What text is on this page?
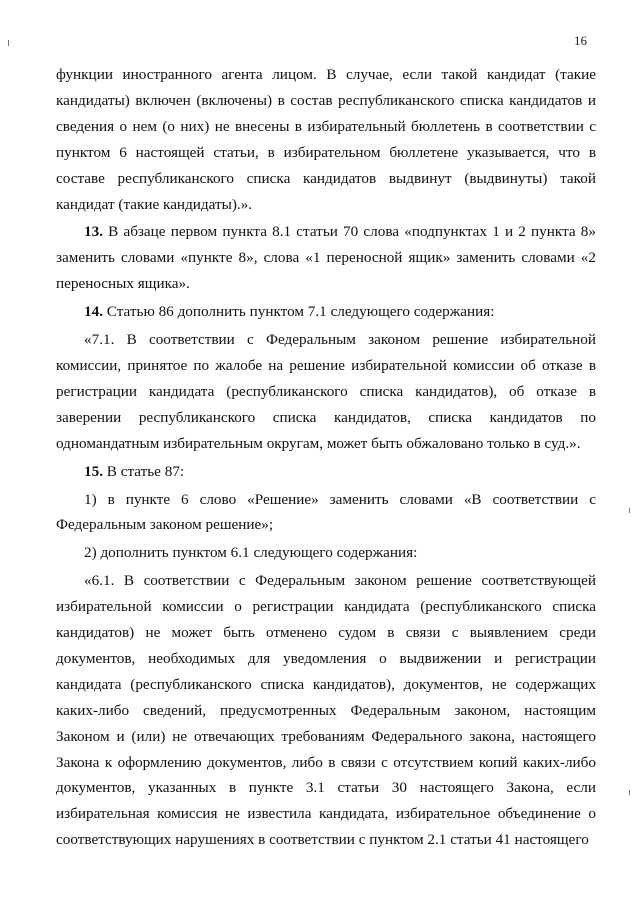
16

функции иностранного агента лицом. В случае, если такой кандидат (такие кандидаты) включен (включены) в состав республиканского списка кандидатов и сведения о нем (о них) не внесены в избирательный бюллетень в соответствии с пунктом 6 настоящей статьи, в избирательном бюллетене указывается, что в составе республиканского списка кандидатов выдвинут (выдвинуты) такой кандидат (такие кандидаты).».

13. В абзаце первом пункта 8.1 статьи 70 слова «подпунктах 1 и 2 пункта 8» заменить словами «пункте 8», слова «1 переносной ящик» заменить словами «2 переносных ящика».

14. Статью 86 дополнить пунктом 7.1 следующего содержания:

«7.1. В соответствии с Федеральным законом решение избирательной комиссии, принятое по жалобе на решение избирательной комиссии об отказе в регистрации кандидата (республиканского списка кандидатов), об отказе в заверении республиканского списка кандидатов, списка кандидатов по одномандатным избирательным округам, может быть обжаловано только в суд.».

15. В статье 87:

1) в пункте 6 слово «Решение» заменить словами «В соответствии с Федеральным законом решение»;

2) дополнить пунктом 6.1 следующего содержания:

«6.1. В соответствии с Федеральным законом решение соответствующей избирательной комиссии о регистрации кандидата (республиканского списка кандидатов) не может быть отменено судом в связи с выявлением среди документов, необходимых для уведомления о выдвижении и регистрации кандидата (республиканского списка кандидатов), документов, не содержащих каких-либо сведений, предусмотренных Федеральным законом, настоящим Законом и (или) не отвечающих требованиям Федерального закона, настоящего Закона к оформлению документов, либо в связи с отсутствием копий каких-либо документов, указанных в пункте 3.1 статьи 30 настоящего Закона, если избирательная комиссия не известила кандидата, избирательное объединение о соответствующих нарушениях в соответствии с пунктом 2.1 статьи 41 настоящего
